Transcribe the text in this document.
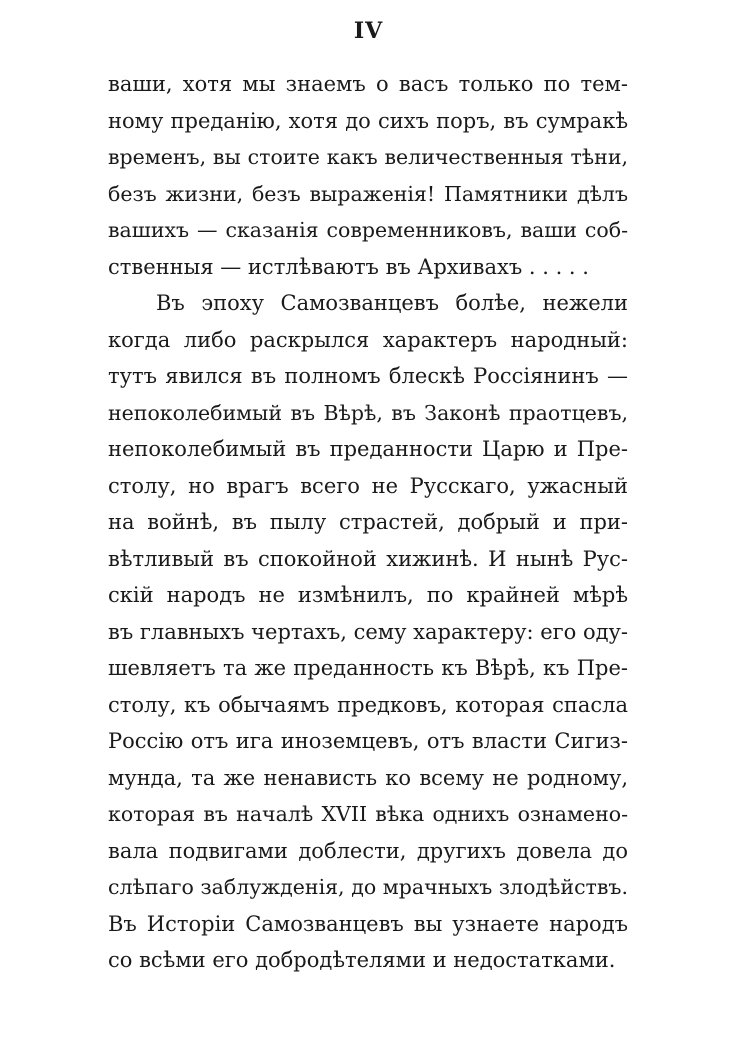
IV
ваши, хотя мы знаемъ о васъ только по тем-
ному преданію, хотя до сихъ поръ, въ сумракѣ
временъ, вы стоите какъ величественныя тѣни,
безъ жизни, безъ выраженія! Памятники дѣлъ
вашихъ — сказанія современниковъ, ваши соб-
ственныя — истлѣваютъ въ Архивахъ . . . . .
Въ эпоху Самозванцевъ болѣе, нежели
когда либо раскрылся характеръ народный:
тутъ явился въ полномъ блескѣ Россіянинъ —
непоколебимый въ Вѣрѣ, въ Законѣ праотцевъ,
непоколебимый въ преданности Царю и Пре-
столу, но врагъ всего не Русскаго, ужасный
на войнѣ, въ пылу страстей, добрый и при-
вѣтливый въ спокойной хижинѣ. И нынѣ Рус-
скій народъ не измѣнилъ, по крайней мѣрѣ
въ главныхъ чертахъ, сему характеру: его оду-
шевляетъ та же преданность къ Вѣрѣ, къ Пре-
столу, къ обычаямъ предковъ, которая спасла
Россію отъ ига иноземцевъ, отъ власти Сигиз-
мунда, та же ненависть ко всему не родному,
которая въ началѣ XVII вѣка однихъ ознамено-
вала подвигами доблести, другихъ довела до
слѣпаго заблужденія, до мрачныхъ злодѣйствъ.
Въ Исторіи Самозванцевъ вы узнаете народъ
со всѣми его добродѣтелями и недостатками.
